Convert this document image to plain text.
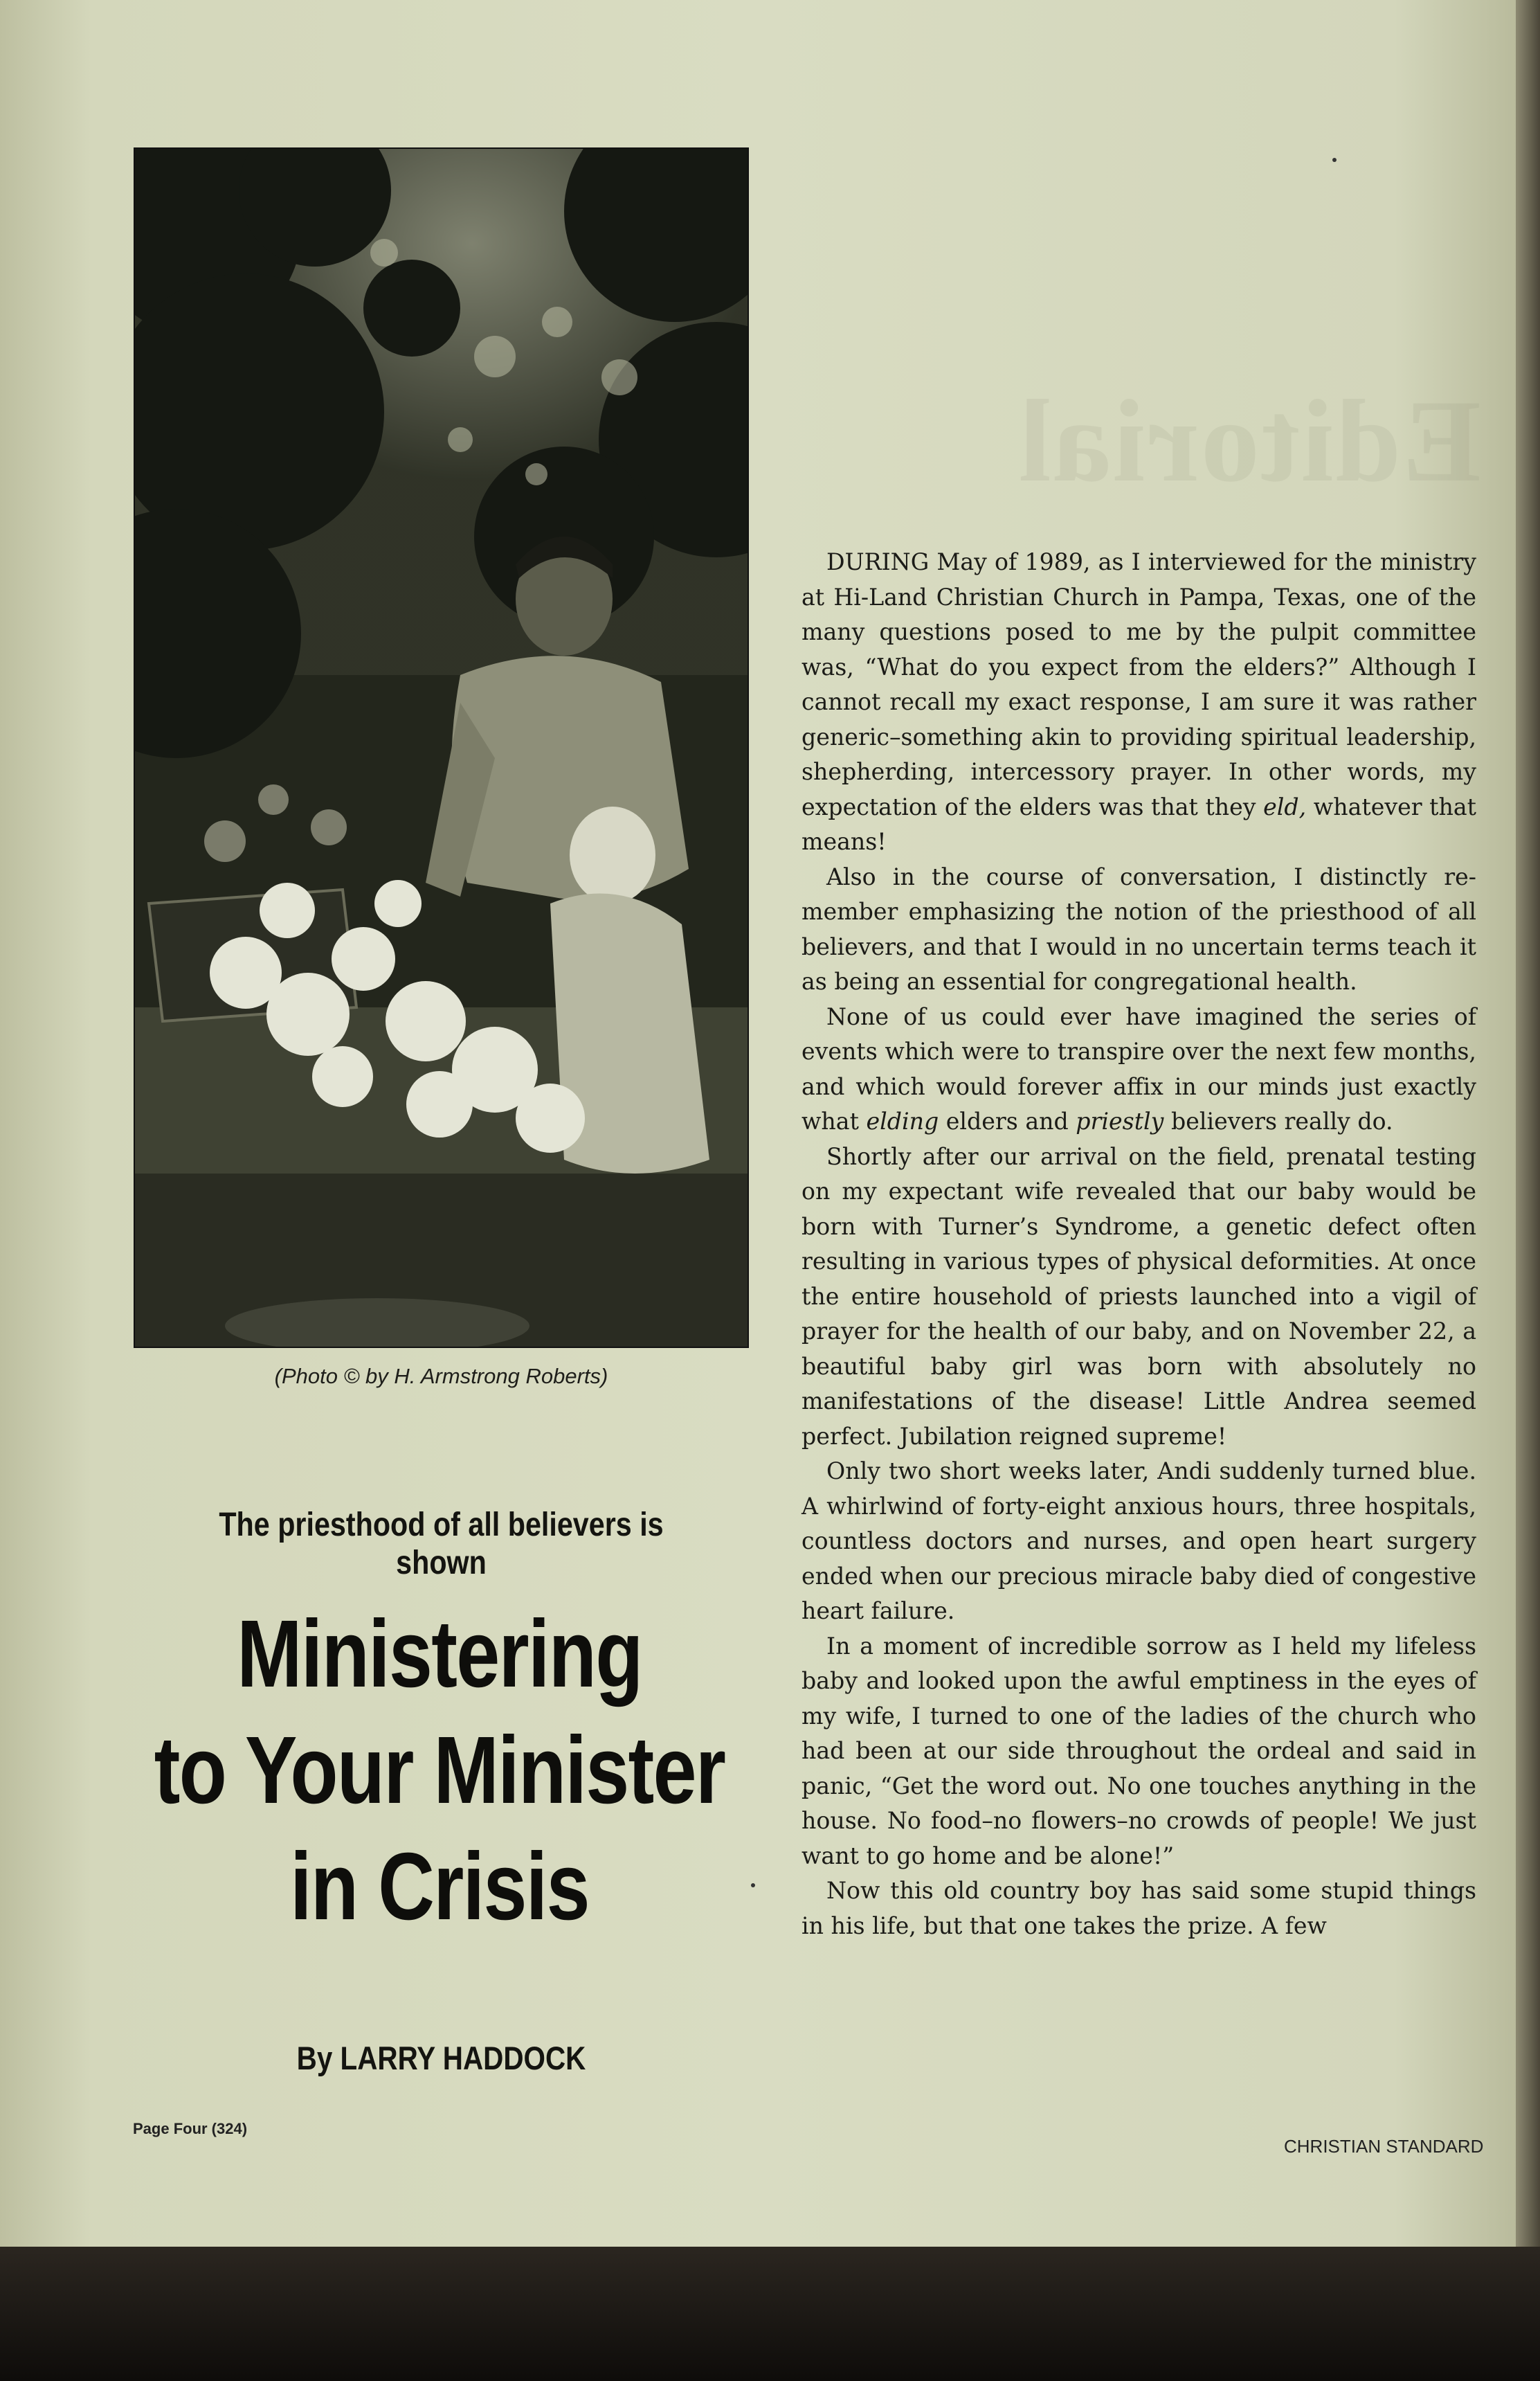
Editorial
(Photo © by H. Armstrong Roberts)
The priesthood of all believers is shown
Ministering
to Your Minister
in Crisis
By LARRY HADDOCK
Page Four (324)
CHRISTIAN STANDARD

DURING May of 1989, as I interviewed for the ministry at Hi-Land Christian Church in Pampa, Texas, one of the many questions posed to me by the pulpit committee was, “What do you expect from the elders?” Although I cannot recall my exact response, I am sure it was rather generic–something akin to providing spiritual leadership, shepherding, intercessory prayer. In other words, my expectation of the elders was that they eld, whatever that means!

Also in the course of conversation, I distinctly remember emphasizing the notion of the priesthood of all believers, and that I would in no uncertain terms teach it as being an essential for congregational health.

None of us could ever have imagined the series of events which were to transpire over the next few months, and which would forever affix in our minds just exactly what elding elders and priestly believers really do.

Shortly after our arrival on the field, prenatal testing on my expectant wife revealed that our baby would be born with Turner’s Syndrome, a genetic defect often resulting in various types of physical deformities. At once the entire household of priests launched into a vigil of prayer for the health of our baby, and on November 22, a beautiful baby girl was born with absolutely no manifestations of the disease! Little Andrea seemed perfect. Jubilation reigned supreme!

Only two short weeks later, Andi suddenly turned blue. A whirlwind of forty-eight anxious hours, three hospitals, countless doctors and nurses, and open heart surgery ended when our precious miracle baby died of congestive heart failure.

In a moment of incredible sorrow as I held my lifeless baby and looked upon the awful emptiness in the eyes of my wife, I turned to one of the ladies of the church who had been at our side throughout the ordeal and said in panic, “Get the word out. No one touches anything in the house. No food–no flowers–no crowds of people! We just want to go home and be alone!”

Now this old country boy has said some stupid things in his life, but that one takes the prize. A few
